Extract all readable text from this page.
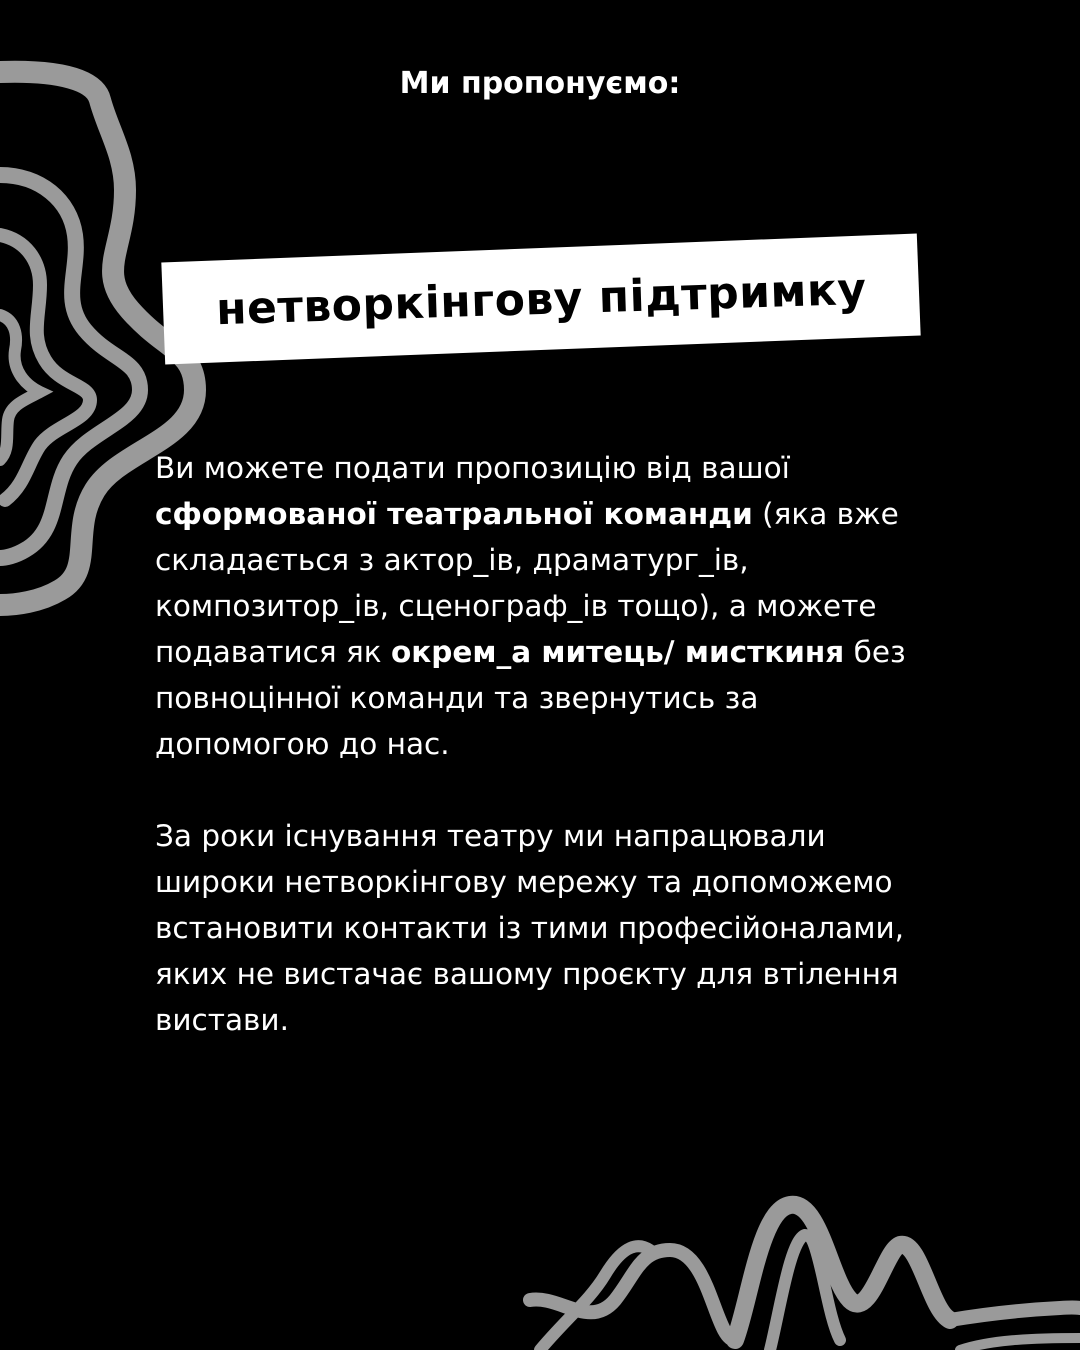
Ми пропонуємо:
нетворкінгову підтримку

Ви можете подати пропозицію від вашої сформованої театральної команди (яка вже складається з актор_ів, драматург_ів, композитор_ів, сценограф_ів тощо), а можете подаватися як окрем_а митець/ мисткиня без повноцінної команди та звернутись за допомогою до нас.

За роки існування театру ми напрацювали широки нетворкінгову мережу та допоможемо встановити контакти із тими професійоналами, яких не вистачає вашому проєкту для втілення вистави.
